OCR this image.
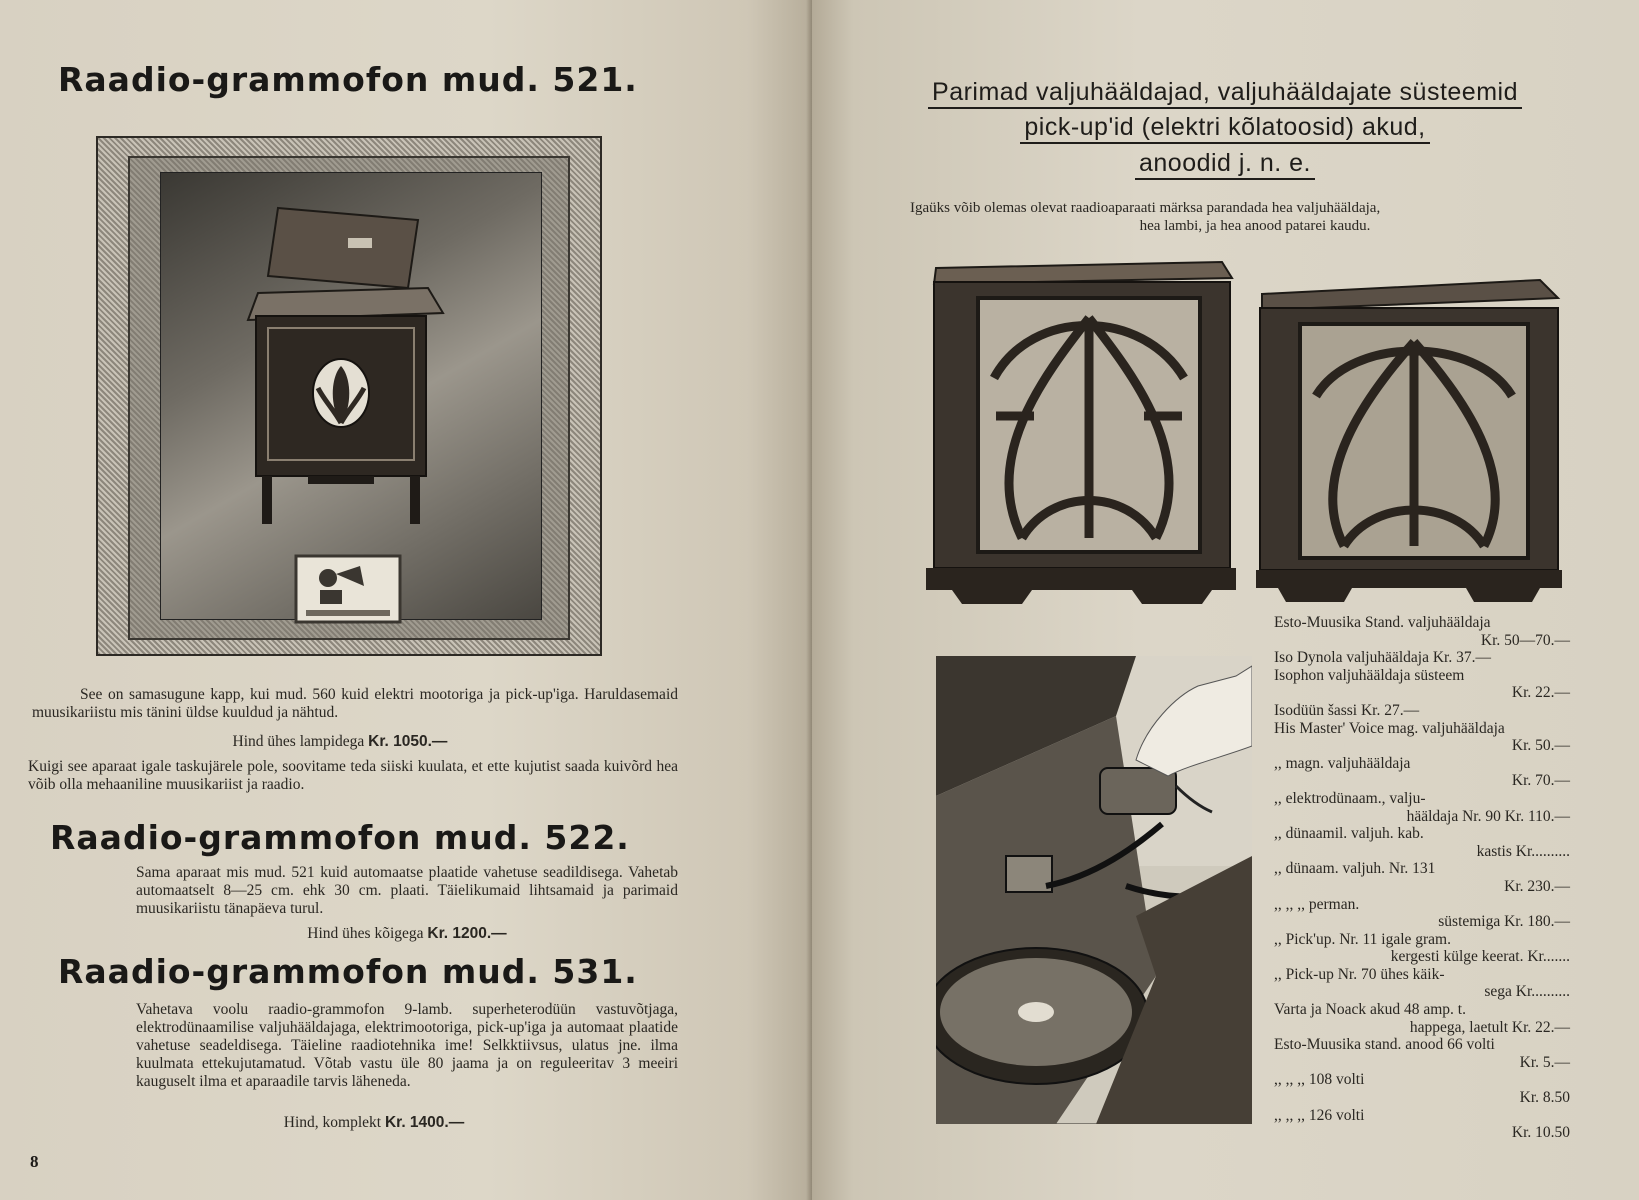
Raadio-grammofon mud. 521.
See on samasugune kapp, kui mud. 560 kuid elektri mootoriga ja pick-up'iga. Haruldasemaid muusikariistu mis tänini üldse kuuldud ja nähtud.
Hind ühes lampidega Kr. 1050.—
Kuigi see aparaat igale taskujärele pole, soovitame teda siiski kuulata, et ette kujutist saada kuivõrd hea võib olla mehaaniline muusikariist ja raadio.
Raadio-grammofon mud. 522.
Sama aparaat mis mud. 521 kuid automaatse plaatide vahetuse seadildisega. Vahetab automaatselt 8—25 cm. ehk 30 cm. plaati. Täielikumaid lihtsamaid ja parimaid muusikariistu tänapäeva turul.
Hind ühes kõigega Kr. 1200.—
Raadio-grammofon mud. 531.
Vahetava voolu raadio-grammofon 9-lamb. superheterodüün vastuvõtjaga, elektrodünaamilise valjuhääldajaga, elektrimootoriga, pick-up'iga ja automaat plaatide vahetuse seadeldisega. Täieline raadiotehnika ime! Selkktiivsus, ulatus jne. ilma kuulmata ettekujutamatud. Võtab vastu üle 80 jaama ja on reguleeritav 3 meeiri kauguselt ilma et aparaadile tarvis läheneda.
Hind, komplekt Kr. 1400.—
8
Parimad valjuhääldajad, valjuhääldajate süsteemid
pick-up'id (elektri kõlatoosid) akud,
anoodid j. n. e.
Igaüks võib olemas olevat raadioaparaati märksa parandada hea valjuhääldaja,
hea lambi, ja hea anood patarei kaudu.
Esto-Muusika Stand. valjuhääldaja
Kr. 50—70.—
Iso Dynola valjuhääldaja Kr. 37.—
Isophon valjuhääldaja süsteem
Kr. 22.—
Isodüün šassi Kr. 27.—
His Master' Voice mag. valjuhääldaja
Kr. 50.—
,, magn. valjuhääldaja
Kr. 70.—
,, elektrodünaam., valju-
hääldaja Nr. 90 Kr. 110.—
,, dünaamil. valjuh. kab.
kastis Kr..........
,, dünaam. valjuh. Nr. 131
Kr. 230.—
,, ,, ,, perman.
süstemiga Kr. 180.—
,, Pick'up. Nr. 11 igale gram.
kergesti külge keerat. Kr.......
,, Pick-up Nr. 70 ühes käik-
sega Kr..........
Varta ja Noack akud 48 amp. t.
happega, laetult Kr. 22.—
Esto-Muusika stand. anood 66 volti
Kr. 5.—
,, ,, ,, 108 volti
Kr. 8.50
,, ,, ,, 126 volti
Kr. 10.50
